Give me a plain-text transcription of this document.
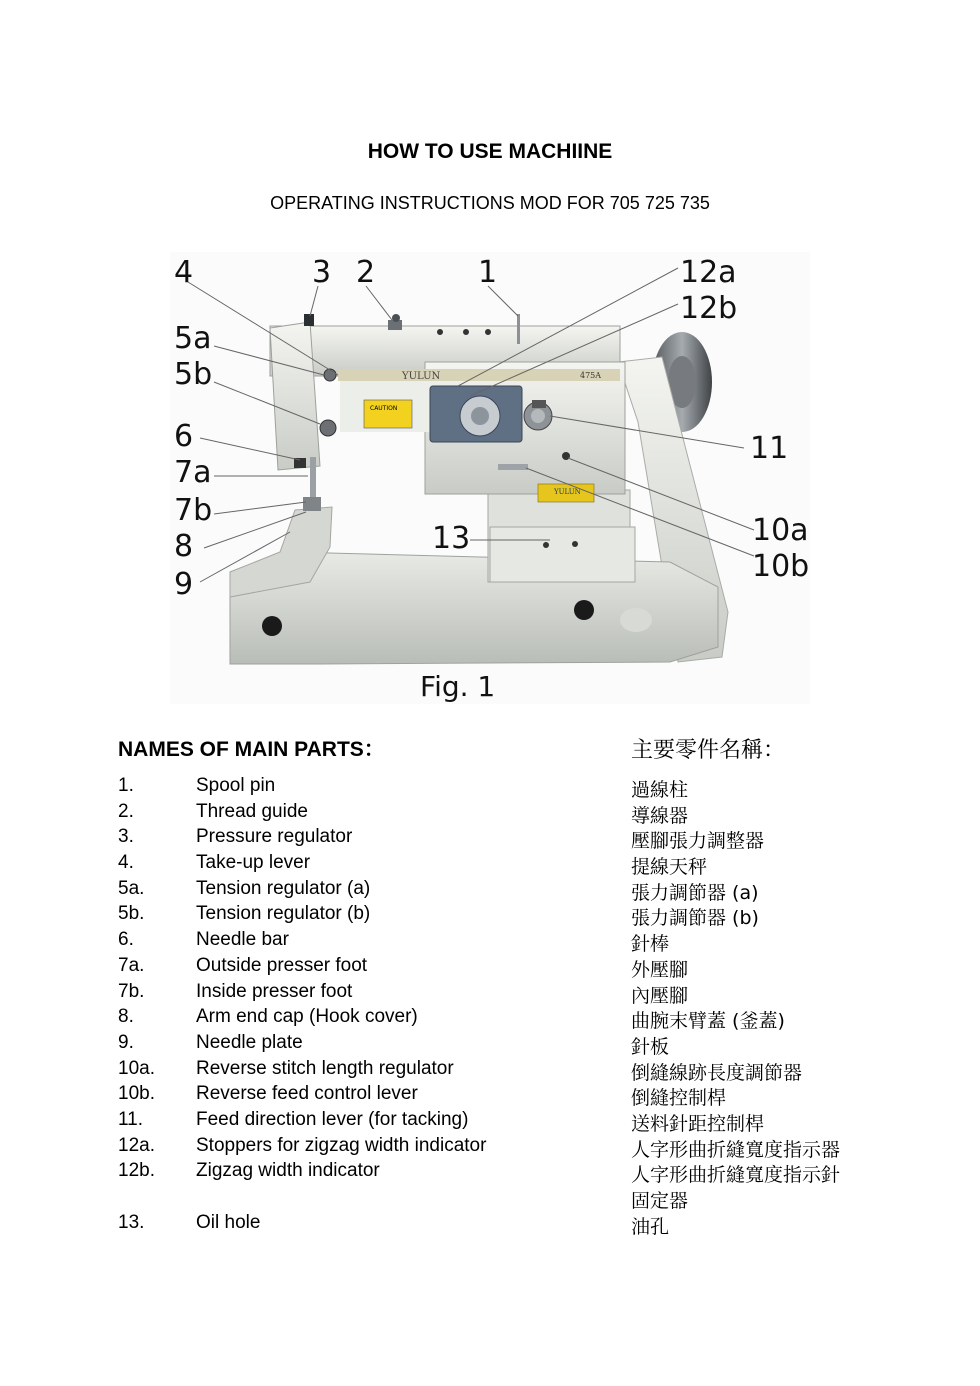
HOW TO USE MACHIINE
OPERATING INSTRUCTIONS MOD FOR 705 725 735
YULUN	475A
CAUTION
YULUN
4	3 2	1	12a
12b
5a
5b
6
7a
7b
8
9
13
11
10a
10b
Fig. 1
NAMES OF MAIN PARTS：	主要零件名稱：
1.	Spool pin	過線柱
2.	Thread guide	導線器
3.	Pressure regulator	壓腳張力調整器
4.	Take-up lever	提線天秤
5a.	Tension regulator (a)	張力調節器 (a)
5b.	Tension regulator (b)	張力調節器 (b)
6.	Needle bar	針棒
7a.	Outside presser foot	外壓腳
7b.	Inside presser foot	內壓腳
8.	Arm end cap (Hook cover)	曲腕末臂蓋 (釜蓋)
9.	Needle plate	針板
10a. Reverse stitch length regulator	倒縫線跡長度調節器
10b. Reverse feed control lever	倒縫控制桿
11.	Feed direction lever (for tacking)	送料針距控制桿
12a. Stoppers for zigzag width indicator	人字形曲折縫寬度指示器
12b. Zigzag width indicator	人字形曲折縫寬度指示針
固定器
13.	Oil hole	油孔
